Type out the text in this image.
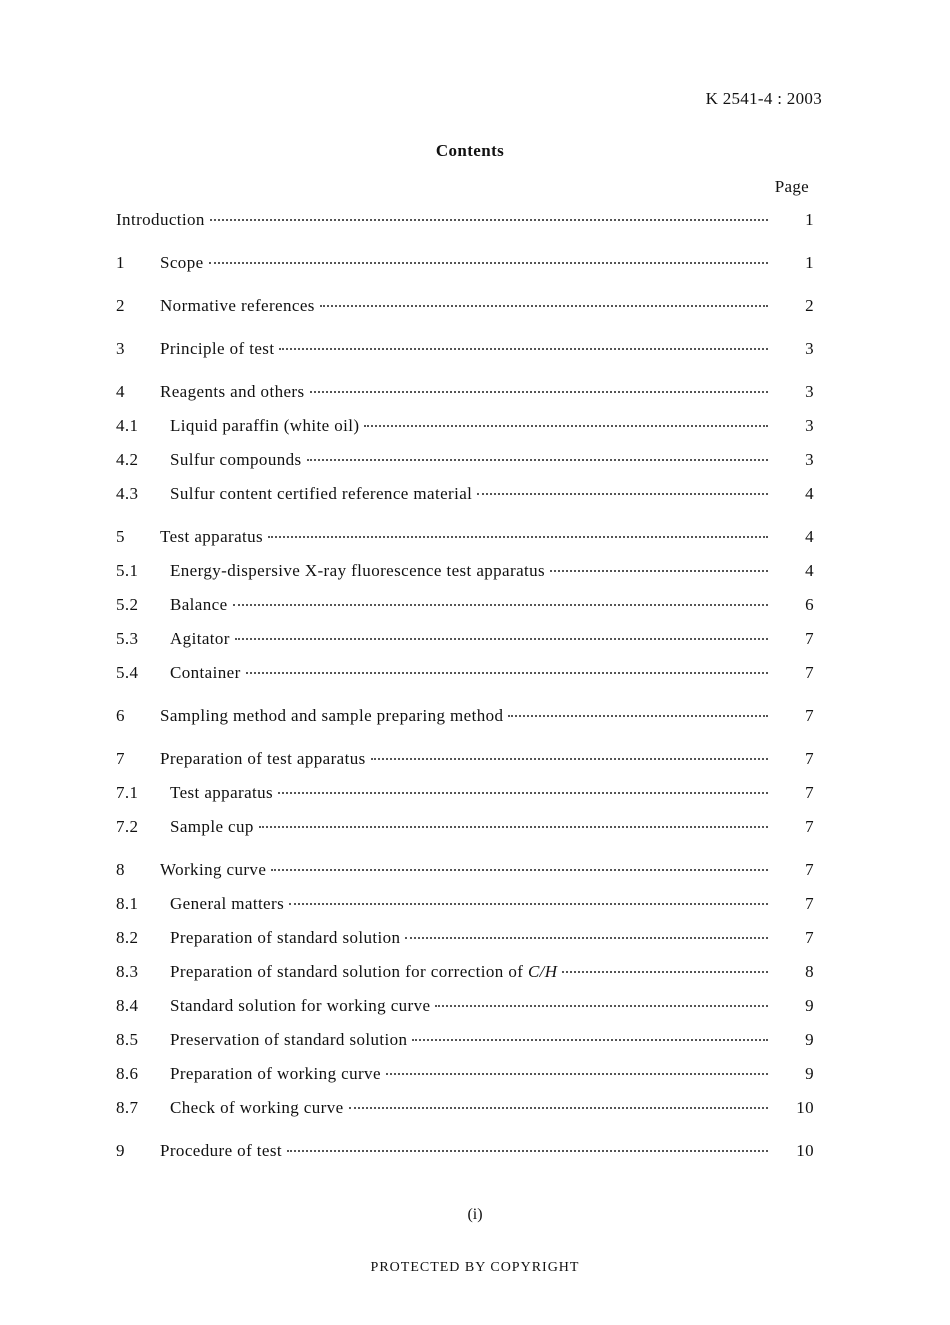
K 2541-4 : 2003
Contents
Page
Introduction	1
1	Scope	1
2	Normative references	2
3	Principle of test	3
4	Reagents and others	3
4.1	Liquid paraffin (white oil)	3
4.2	Sulfur compounds	3
4.3	Sulfur content certified reference material	4
5	Test apparatus	4
5.1	Energy-dispersive X-ray fluorescence test apparatus	4
5.2	Balance	6
5.3	Agitator	7
5.4	Container	7
6	Sampling method and sample preparing method	7
7	Preparation of test apparatus	7
7.1	Test apparatus	7
7.2	Sample cup	7
8	Working curve	7
8.1	General matters	7
8.2	Preparation of standard solution	7
8.3	Preparation of standard solution for correction of C/H	8
8.4	Standard solution for working curve	9
8.5	Preservation of standard solution	9
8.6	Preparation of working curve	9
8.7	Check of working curve	10
9	Procedure of test	10
(i)
PROTECTED BY COPYRIGHT
